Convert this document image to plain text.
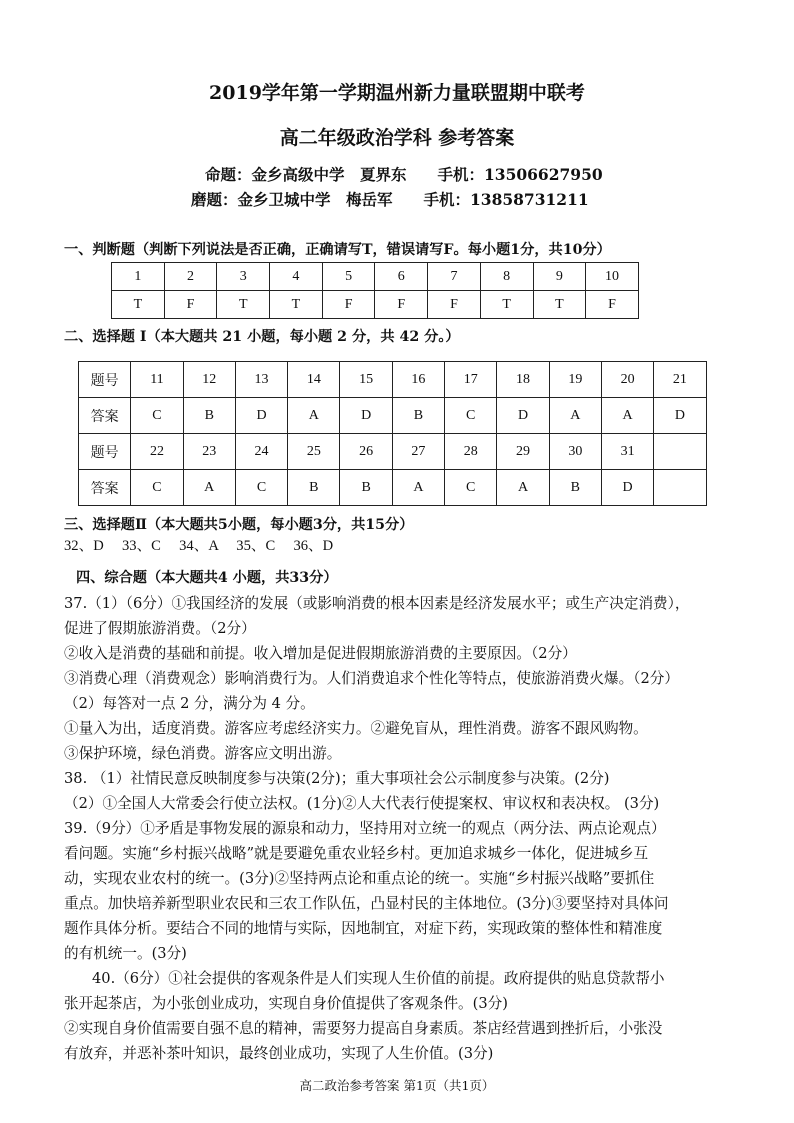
2019学年第一学期温州新力量联盟期中联考
高二年级政治学科 参考答案
命题：金乡高级中学　夏界东　　手机：13506627950
磨题：金乡卫城中学　梅岳军　　手机：13858731211
一、判断题（判断下列说法是否正确，正确请写T，错误请写F。每小题1分，共10分）
1	2	3	4	5	6	7	8	9	10
T	F	T	T	F	F	F	T	T	F
二、选择题 I（本大题共 21 小题，每小题 2 分，共 42 分。）
题号	11	12	13	14	15	16	17	18	19	20	21
答案	C	B	D	A	D	B	C	D	A	A	D
题号	22	23	24	25	26	27	28	29	30	31	
答案	C	A	C	B	B	A	C	A	B	D	
三、选择题Ⅱ（本大题共5小题，每小题3分，共15分）
32、D　 33、C　 34、A　 35、C　 36、D
四、综合题（本大题共4 小题，共33分）
37.（1）（6分）①我国经济的发展（或影响消费的根本因素是经济发展水平；或生产决定消费），
促进了假期旅游消费。（2分）
②收入是消费的基础和前提。收入增加是促进假期旅游消费的主要原因。（2分）
③消费心理（消费观念）影响消费行为。人们消费追求个性化等特点，使旅游消费火爆。（2分）
（2）每答对一点 2 分，满分为 4 分。
①量入为出，适度消费。游客应考虑经济实力。②避免盲从，理性消费。游客不跟风购物。
③保护环境，绿色消费。游客应文明出游。
38. （1）社情民意反映制度参与决策(2分)；重大事项社会公示制度参与决策。(2分)
（2）①全国人大常委会行使立法权。(1分)②人大代表行使提案权、审议权和表决权。 (3分)
39.（9分）①矛盾是事物发展的源泉和动力，坚持用对立统一的观点（两分法、两点论观点）
看问题。实施“乡村振兴战略”就是要避免重农业轻乡村。更加追求城乡一体化，促进城乡互
动，实现农业农村的统一。(3分)②坚持两点论和重点论的统一。实施“乡村振兴战略”要抓住
重点。加快培养新型职业农民和三农工作队伍，凸显村民的主体地位。(3分)③要坚持对具体问
题作具体分析。要结合不同的地情与实际，因地制宜，对症下药，实现政策的整体性和精准度
的有机统一。(3分)
40.（6分）①社会提供的客观条件是人们实现人生价值的前提。政府提供的贴息贷款帮小
张开起茶店，为小张创业成功，实现自身价值提供了客观条件。(3分)
②实现自身价值需要自强不息的精神，需要努力提高自身素质。茶店经营遇到挫折后，小张没
有放弃，并恶补茶叶知识，最终创业成功，实现了人生价值。(3分)
高二政治参考答案 第1页（共1页）
